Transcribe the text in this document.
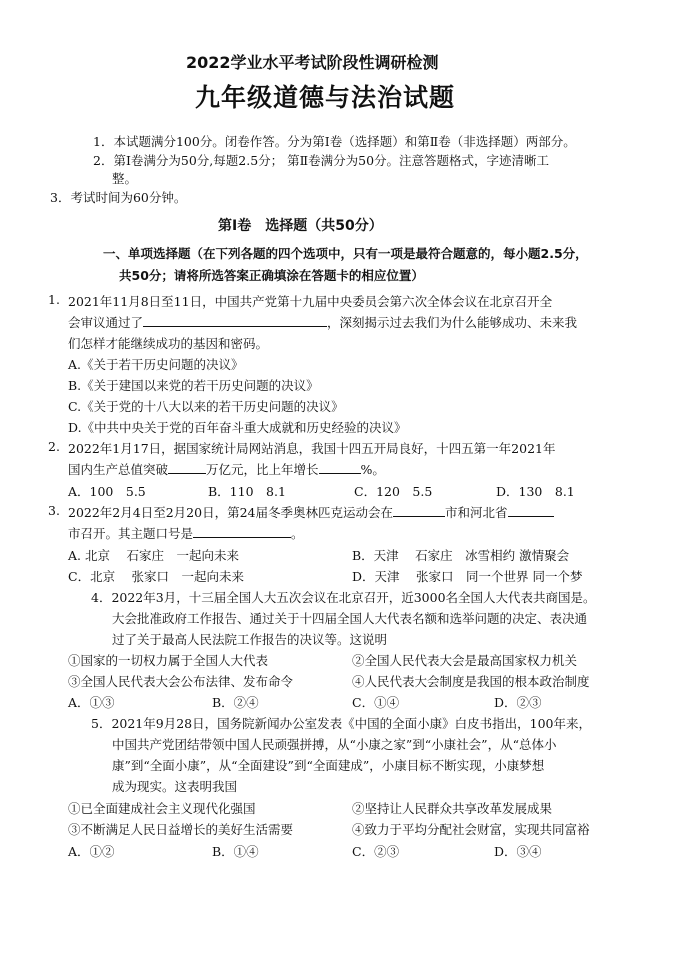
2022学业水平考试阶段性调研检测
九年级道德与法治试题
1．本试题满分100分。闭卷作答。分为第Ⅰ卷（选择题）和第Ⅱ卷（非选择题）两部分。
2．第Ⅰ卷满分为50分,每题2.5分； 第Ⅱ卷满分为50分。注意答题格式，字迹清晰工
整。
3．考试时间为60分钟。
第Ⅰ卷　选择题（共50分）
一、单项选择题（在下列各题的四个选项中，只有一项是最符合题意的，每小题2.5分，
共50分；请将所选答案正确填涂在答题卡的相应位置）
1. 2021年11月8日至11日，中国共产党第十九届中央委员会第六次全体会议在北京召开全
会审议通过了	，深刻揭示过去我们为什么能够成功、未来我
们怎样才能继续成功的基因和密码。
A.《关于若干历史问题的决议》
B.《关于建国以来党的若干历史问题的决议》
C.《关于党的十八大以来的若干历史问题的决议》
D.《中共中央关于党的百年奋斗重大成就和历史经验的决议》
2. 2022年1月17日，据国家统计局网站消息，我国十四五开局良好，十四五第一年2021年
国内生产总值突破	万亿元，比上年增长	%。
A．100　5.5	B．110　8.1	C．120　5.5	D．130　8.1
3. 2022年2月4日至2月20日，第24届冬季奥林匹克运动会在	市和河北省
市召开。其主题口号是	。
A. 北京　 石家庄　一起向未来	B．天津　 石家庄　冰雪相约 激情聚会
C．北京　 张家口　一起向未来	D．天津　 张家口　同一个世界 同一个梦
4．2022年3月，十三届全国人大五次会议在北京召开，近3000名全国人大代表共商国是。
大会批准政府工作报告、通过关于十四届全国人大代表名额和选举问题的决定、表决通
过了关于最高人民法院工作报告的决议等。这说明
①国家的一切权力属于全国人大代表	②全国人民代表大会是最高国家权力机关
③全国人民代表大会公布法律、发布命令	④人民代表大会制度是我国的根本政治制度
A．①③	B．②④	C．①④	D．②③
5．2021年9月28日，国务院新闻办公室发表《中国的全面小康》白皮书指出，100年来，
中国共产党团结带领中国人民顽强拼搏，从“小康之家”到“小康社会”，从“总体小
康”到“全面小康”，从“全面建设”到“全面建成”，小康目标不断实现，小康梦想
成为现实。这表明我国
①已全面建成社会主义现代化强国	②坚持让人民群众共享改革发展成果
③不断满足人民日益增长的美好生活需要	④致力于平均分配社会财富，实现共同富裕
A．①②	B．①④	C．②③	D．③④
